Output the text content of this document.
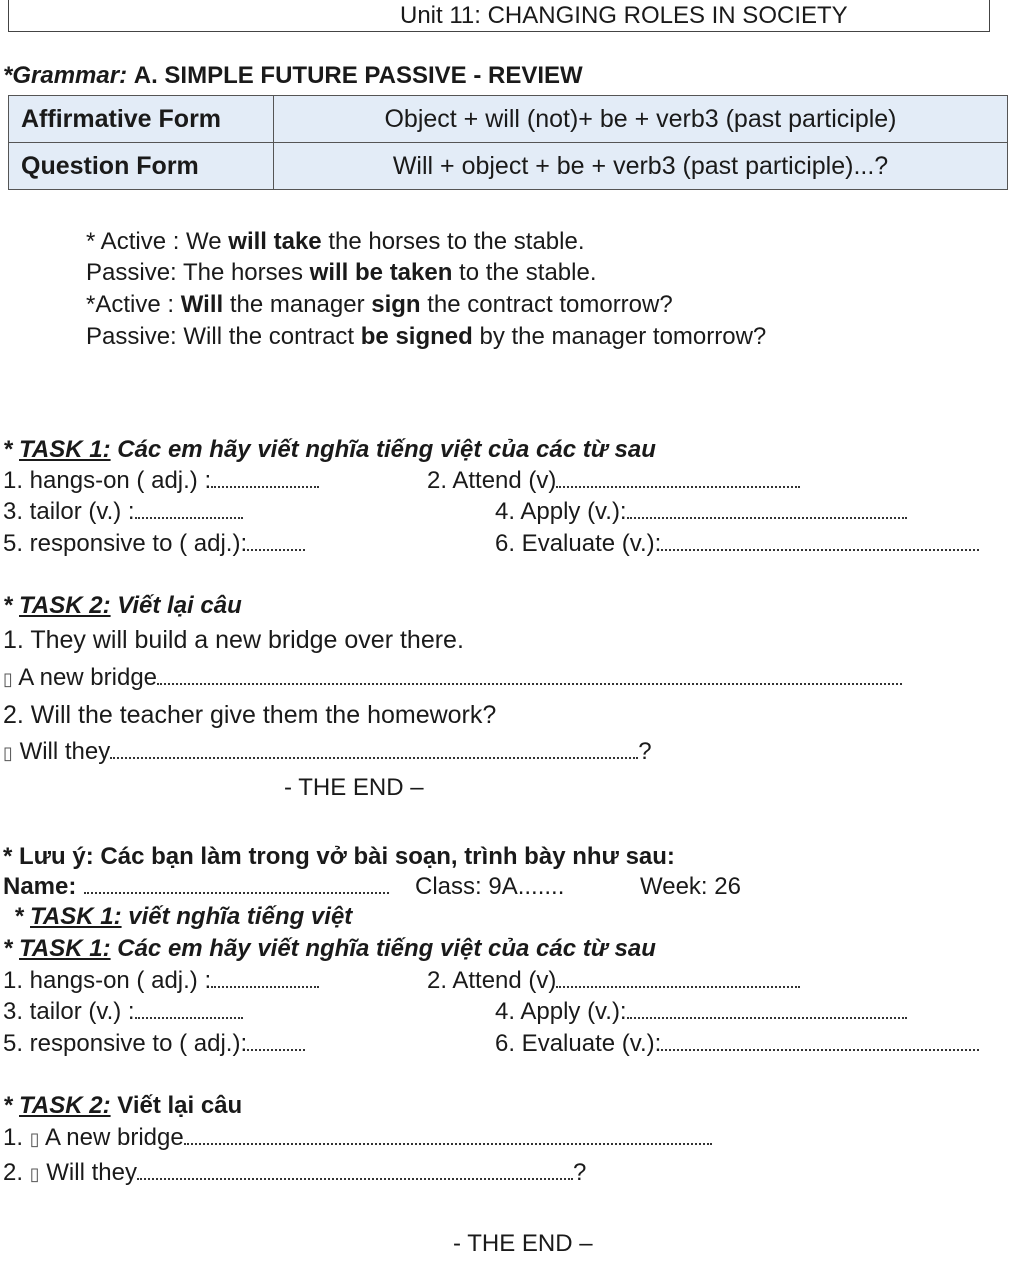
Unit 11: CHANGING ROLES IN SOCIETY
*Grammar: A. SIMPLE FUTURE PASSIVE - REVIEW
Affirmative Form	Object + will (not)+ be + verb3 (past participle)
Question Form	Will + object + be + verb3 (past participle)...?
* Active : We will take the horses to the stable.
Passive: The horses will be taken to the stable.
*Active : Will the manager sign the contract tomorrow?
Passive: Will the contract be signed by the manager tomorrow?
* TASK 1: Các em hãy viết nghĩa tiếng việt của các từ sau
1. hangs-on ( adj.) :	2. Attend (v)
3. tailor (v.) :	4. Apply (v.):
5. responsive to ( adj.):	6. Evaluate (v.):
* TASK 2: Viết lại câu
1. They will build a new bridge over there.
▯ A new bridge
2. Will the teacher give them the homework?
▯ Will they	?
- THE END –
* Lưu ý: Các bạn làm trong vở bài soạn, trình bày như sau:
Name:	Class: 9A.......	Week: 26
* TASK 1: viết nghĩa tiếng việt
* TASK 1: Các em hãy viết nghĩa tiếng việt của các từ sau
1. hangs-on ( adj.) :	2. Attend (v)
3. tailor (v.) :	4. Apply (v.):
5. responsive to ( adj.):	6. Evaluate (v.):
* TASK 2: Viết lại câu
1. ▯ A new bridge
2. ▯ Will they	?
- THE END –
